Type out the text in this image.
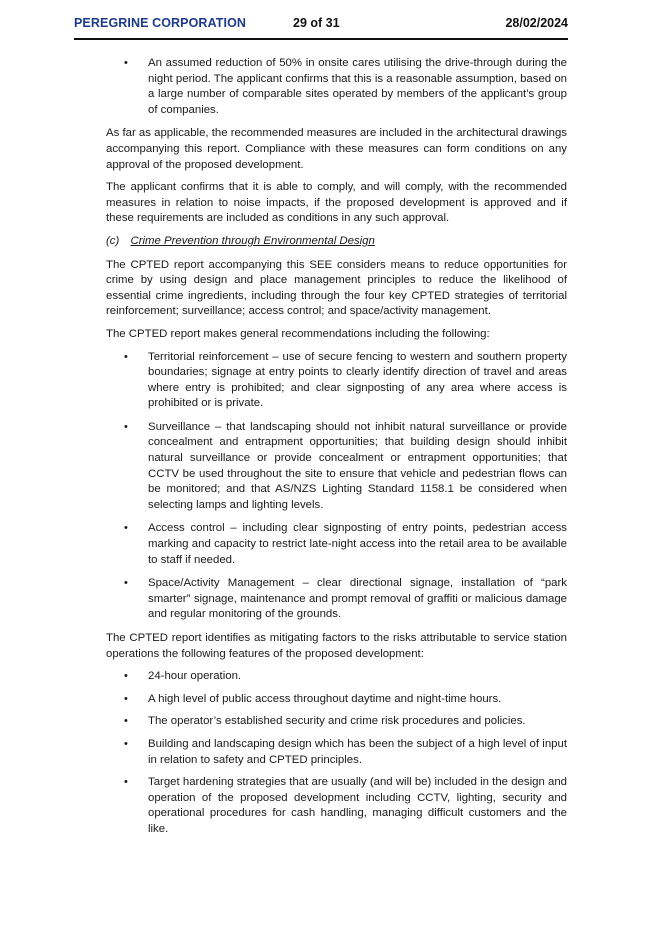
PEREGRINE CORPORATION	29 of 31	28/02/2024
• An assumed reduction of 50% in onsite cares utilising the drive-through during the night period. The applicant confirms that this is a reasonable assumption, based on a large number of comparable sites operated by members of the applicant’s group of companies.

As far as applicable, the recommended measures are included in the architectural drawings accompanying this report. Compliance with these measures can form conditions on any approval of the proposed development.

The applicant confirms that it is able to comply, and will comply, with the recommended measures in relation to noise impacts, if the proposed development is approved and if these requirements are included as conditions in any such approval.

(c) Crime Prevention through Environmental Design

The CPTED report accompanying this SEE considers means to reduce opportunities for crime by using design and place management principles to reduce the likelihood of essential crime ingredients, including through the four key CPTED strategies of territorial reinforcement; surveillance; access control; and space/activity management.

The CPTED report makes general recommendations including the following:

• Territorial reinforcement – use of secure fencing to western and southern property boundaries; signage at entry points to clearly identify direction of travel and areas where entry is prohibited; and clear signposting of any area where access is prohibited or is private.
• Surveillance – that landscaping should not inhibit natural surveillance or provide concealment and entrapment opportunities; that building design should inhibit natural surveillance or provide concealment or entrapment opportunities; that CCTV be used throughout the site to ensure that vehicle and pedestrian flows can be monitored; and that AS/NZS Lighting Standard 1158.1 be considered when selecting lamps and lighting levels.
• Access control – including clear signposting of entry points, pedestrian access marking and capacity to restrict late-night access into the retail area to be available to staff if needed.
• Space/Activity Management – clear directional signage, installation of “park smarter” signage, maintenance and prompt removal of graffiti or malicious damage and regular monitoring of the grounds.

The CPTED report identifies as mitigating factors to the risks attributable to service station operations the following features of the proposed development:

• 24-hour operation.
• A high level of public access throughout daytime and night-time hours.
• The operator’s established security and crime risk procedures and policies.
• Building and landscaping design which has been the subject of a high level of input in relation to safety and CPTED principles.
• Target hardening strategies that are usually (and will be) included in the design and operation of the proposed development including CCTV, lighting, security and operational procedures for cash handling, managing difficult customers and the like.
